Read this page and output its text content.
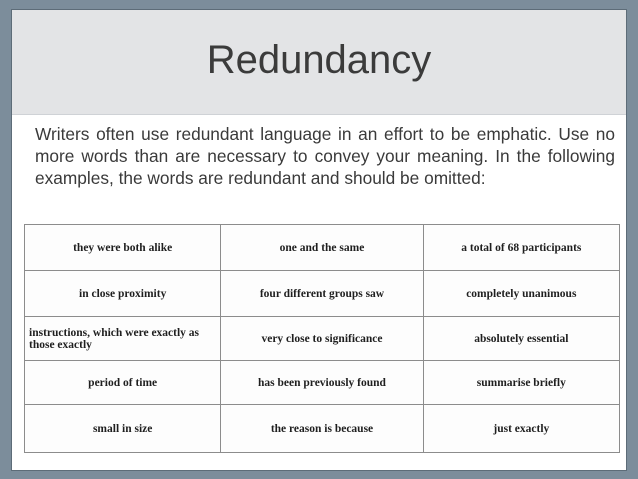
Redundancy

Writers often use redundant language in an effort to be emphatic. Use no more words than are necessary to convey your meaning. In the following examples, the words are redundant and should be omitted:

they were both alike	one and the same	a total of 68 participants
in close proximity	four different groups saw	completely unanimous
instructions, which were exactly as those exactly	very close to significance	absolutely essential
period of time	has been previously found	summarise briefly
small in size	the reason is because	just exactly
